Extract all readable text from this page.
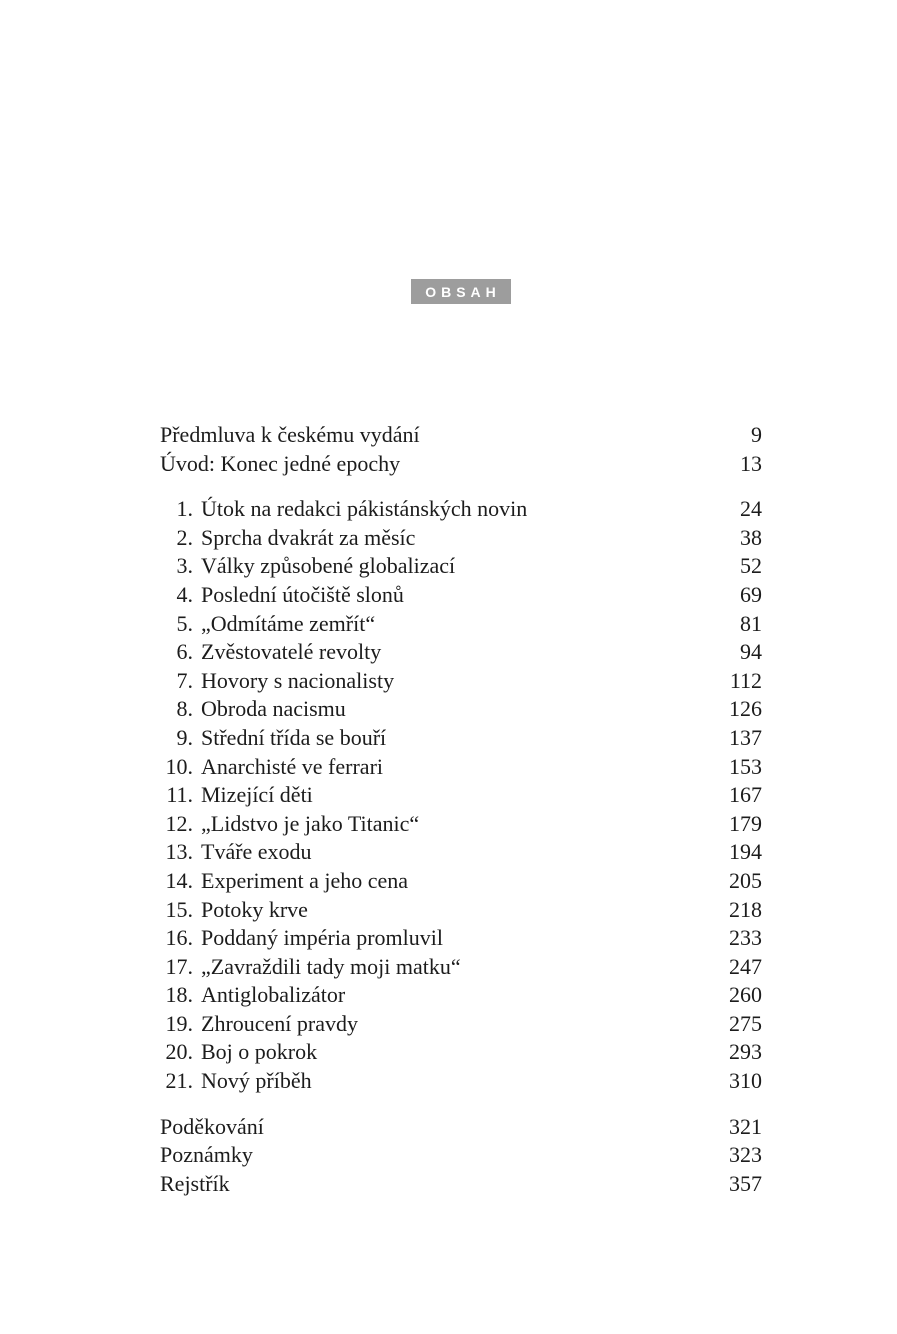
OBSAH
Předmluva k českému vydání	9
Úvod: Konec jedné epochy	13
1. Útok na redakci pákistánských novin	24
2. Sprcha dvakrát za měsíc	38
3. Války způsobené globalizací	52
4. Poslední útočiště slonů	69
5. „Odmítáme zemřít“	81
6. Zvěstovatelé revolty	94
7. Hovory s nacionalisty	112
8. Obroda nacismu	126
9. Střední třída se bouří	137
10. Anarchisté ve ferrari	153
11. Mizející děti	167
12. „Lidstvo je jako Titanic“	179
13. Tváře exodu	194
14. Experiment a jeho cena	205
15. Potoky krve	218
16. Poddaný impéria promluvil	233
17. „Zavraždili tady moji matku“	247
18. Antiglobalizátor	260
19. Zhroucení pravdy	275
20. Boj o pokrok	293
21. Nový příběh	310
Poděkování	321
Poznámky	323
Rejstřík	357
